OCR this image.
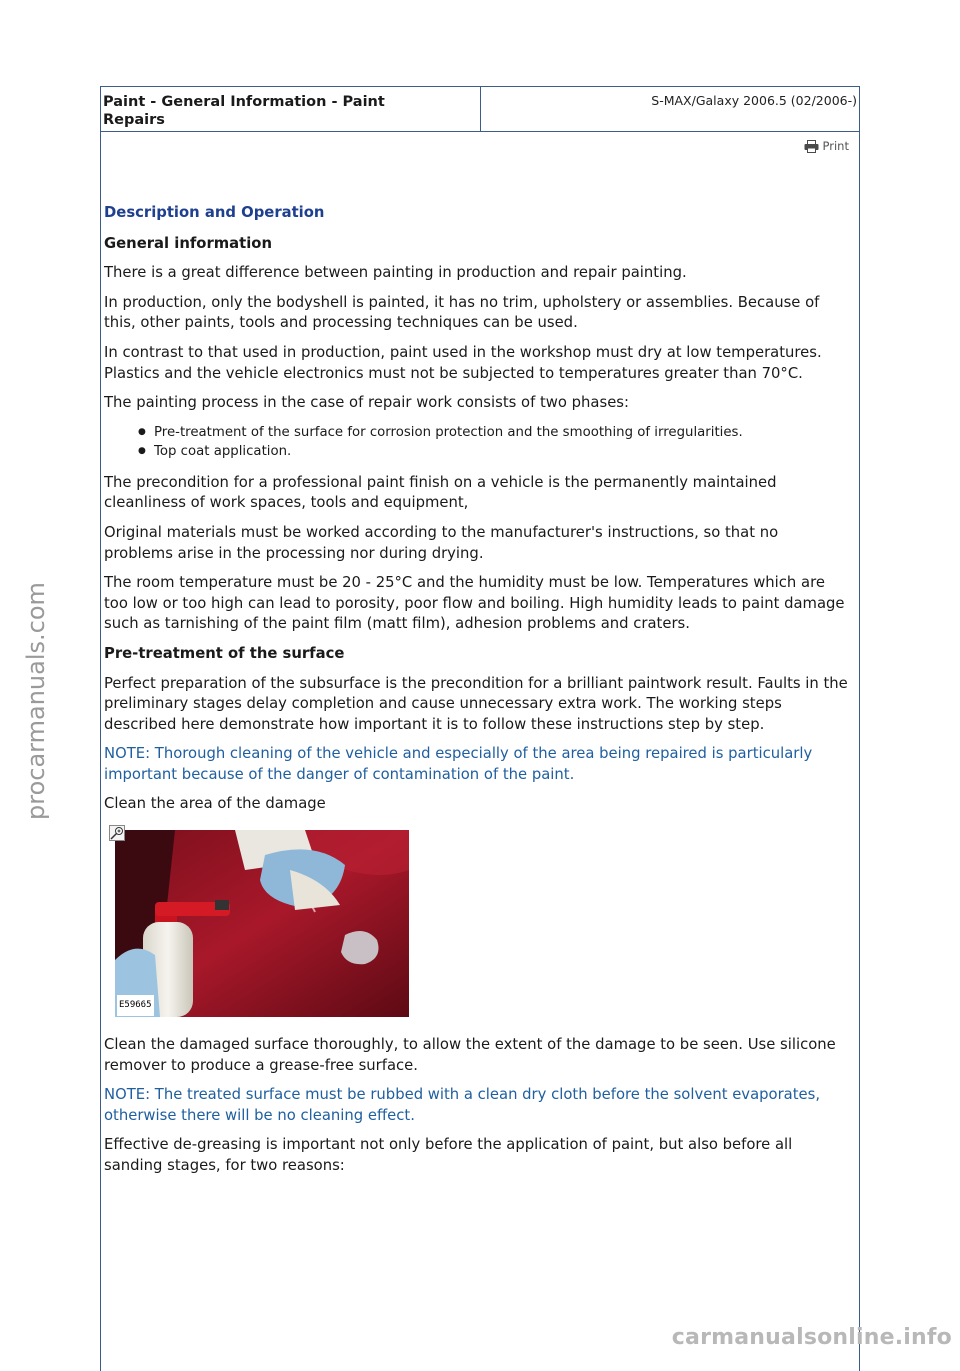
Paint - General Information - Paint
Repairs
S-MAX/Galaxy 2006.5 (02/2006-)
Print
Description and Operation

General information

There is a great difference between painting in production and repair painting.

In production, only the bodyshell is painted, it has no trim, upholstery or assemblies. Because of this, other paints, tools and processing techniques can be used.

In contrast to that used in production, paint used in the workshop must dry at low temperatures. Plastics and the vehicle electronics must not be subjected to temperatures greater than 70°C.

The painting process in the case of repair work consists of two phases:

● Pre-treatment of the surface for corrosion protection and the smoothing of irregularities.
● Top coat application.

The precondition for a professional paint finish on a vehicle is the permanently maintained cleanliness of work spaces, tools and equipment,

Original materials must be worked according to the manufacturer's instructions, so that no problems arise in the processing nor during drying.

The room temperature must be 20 - 25°C and the humidity must be low. Temperatures which are too low or too high can lead to porosity, poor flow and boiling. High humidity leads to paint damage such as tarnishing of the paint film (matt film), adhesion problems and craters.

Pre-treatment of the surface

Perfect preparation of the subsurface is the precondition for a brilliant paintwork result. Faults in the preliminary stages delay completion and cause unnecessary extra work. The working steps described here demonstrate how important it is to follow these instructions step by step.

NOTE: Thorough cleaning of the vehicle and especially of the area being repaired is particularly important because of the danger of contamination of the paint.

Clean the area of the damage

E59665

Clean the damaged surface thoroughly, to allow the extent of the damage to be seen. Use silicone remover to produce a grease-free surface.

NOTE: The treated surface must be rubbed with a clean dry cloth before the solvent evaporates, otherwise there will be no cleaning effect.

Effective de-greasing is important not only before the application of paint, but also before all sanding stages, for two reasons:

procarmanuals.com
carmanualsonline.info
